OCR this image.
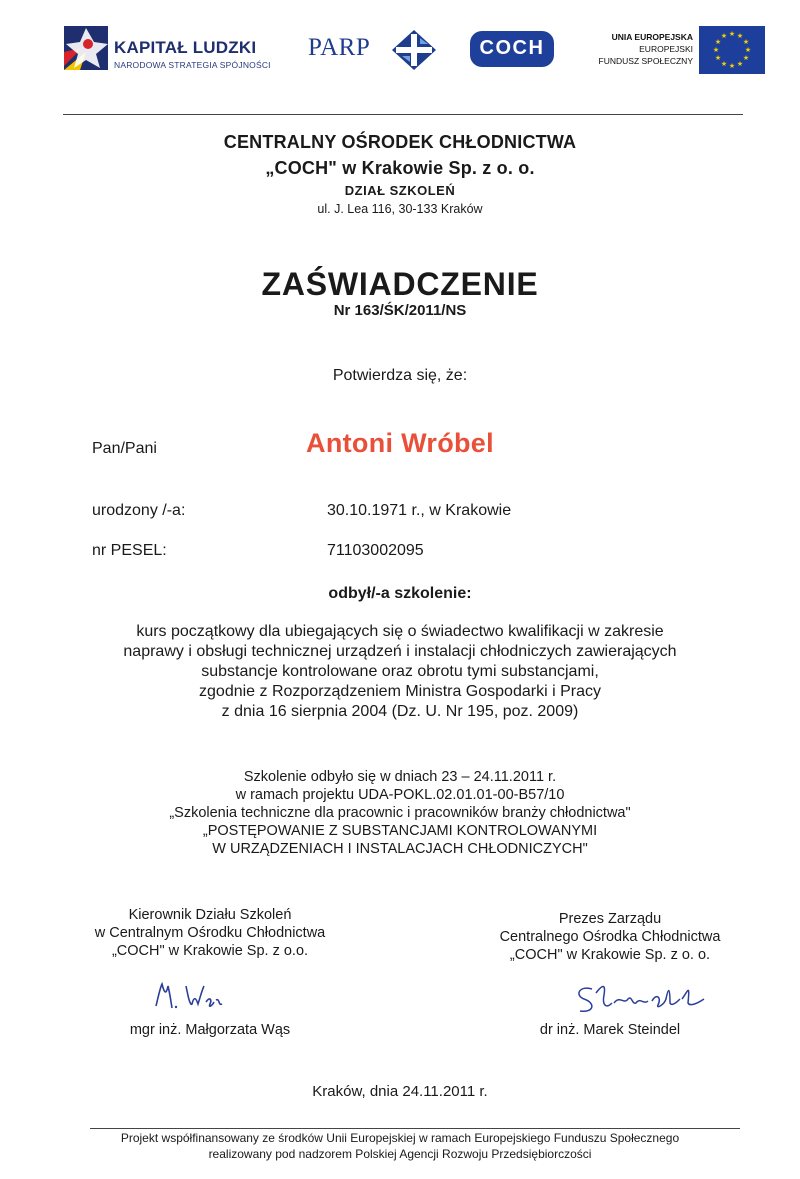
KAPITAŁ LUDZKI
NARODOWA STRATEGIA SPÓJNOŚCI
PARP	COCH	UNIA EUROPEJSKA
EUROPEJSKI
FUNDUSZ SPOŁECZNY
★ ★
★
★
★
★
★
★
★
★
★
★
CENTRALNY OŚRODEK CHŁODNICTWA
„COCH" w Krakowie Sp. z o. o.
DZIAŁ SZKOLEŃ
ul. J. Lea 116, 30-133 Kraków
ZAŚWIADCZENIE
Nr 163/ŚK/2011/NS
Potwierdza się, że:
Pan/Pani	Antoni Wróbel
urodzony /-a:	30.10.1971 r., w Krakowie
nr PESEL:	71103002095
odbył/-a szkolenie:
kurs początkowy dla ubiegających się o świadectwo kwalifikacji w zakresie
naprawy i obsługi technicznej urządzeń i instalacji chłodniczych zawierających
substancje kontrolowane oraz obrotu tymi substancjami,
zgodnie z Rozporządzeniem Ministra Gospodarki i Pracy
z dnia 16 sierpnia 2004 (Dz. U. Nr 195, poz. 2009)
Szkolenie odbyło się w dniach 23 – 24.11.2011 r.
w ramach projektu UDA-POKL.02.01.01-00-B57/10
„Szkolenia techniczne dla pracownic i pracowników branży chłodnictwa"
„POSTĘPOWANIE Z SUBSTANCJAMI KONTROLOWANYMI
W URZĄDZENIACH I INSTALACJACH CHŁODNICZYCH"
Kierownik Działu Szkoleń
w Centralnym Ośrodku Chłodnictwa
„COCH" w Krakowie Sp. z o.o.
Prezes Zarządu
Centralnego Ośrodka Chłodnictwa
„COCH" w Krakowie Sp. z o. o.
mgr inż. Małgorzata Wąs	dr inż. Marek Steindel
Kraków, dnia 24.11.2011 r.
Projekt współfinansowany ze środków Unii Europejskiej w ramach Europejskiego Funduszu Społecznego
realizowany pod nadzorem Polskiej Agencji Rozwoju Przedsiębiorczości
